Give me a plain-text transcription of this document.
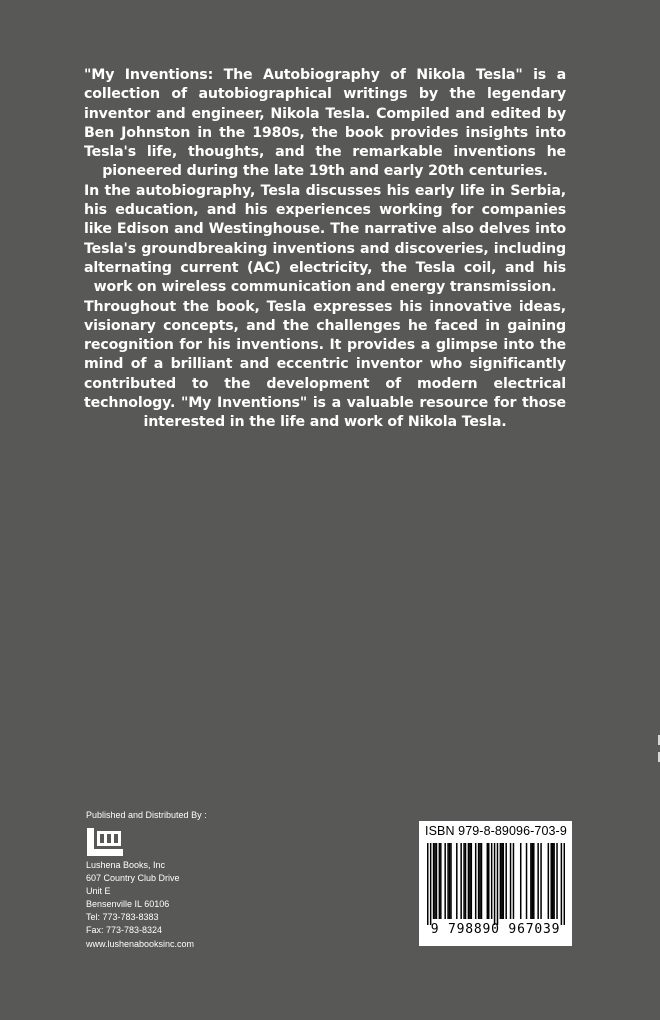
"My Inventions: The Autobiography of Nikola Tesla" is a collection of autobiographical writings by the legendary inventor and engineer, Nikola Tesla. Compiled and edited by Ben Johnston in the 1980s, the book provides insights into Tesla's life, thoughts, and the remarkable inventions he pioneered during the late 19th and early 20th centuries.

In the autobiography, Tesla discusses his early life in Serbia, his education, and his experiences working for companies like Edison and Westinghouse. The narrative also delves into Tesla's groundbreaking inventions and discoveries, including alternating current (AC) electricity, the Tesla coil, and his work on wireless communication and energy transmission.

Throughout the book, Tesla expresses his innovative ideas, visionary concepts, and the challenges he faced in gaining recognition for his inventions. It provides a glimpse into the mind of a brilliant and eccentric inventor who significantly contributed to the development of modern electrical technology. "My Inventions" is a valuable resource for those interested in the life and work of Nikola Tesla.

Published and Distributed By :
Lushena Books, Inc
607 Country Club Drive
Unit E
Bensenville IL 60106
Tel: 773-783-8383
Fax: 773-783-8324
www.lushenabooksinc.com
ISBN 979-8-89096-703-9
9 798890 967039
